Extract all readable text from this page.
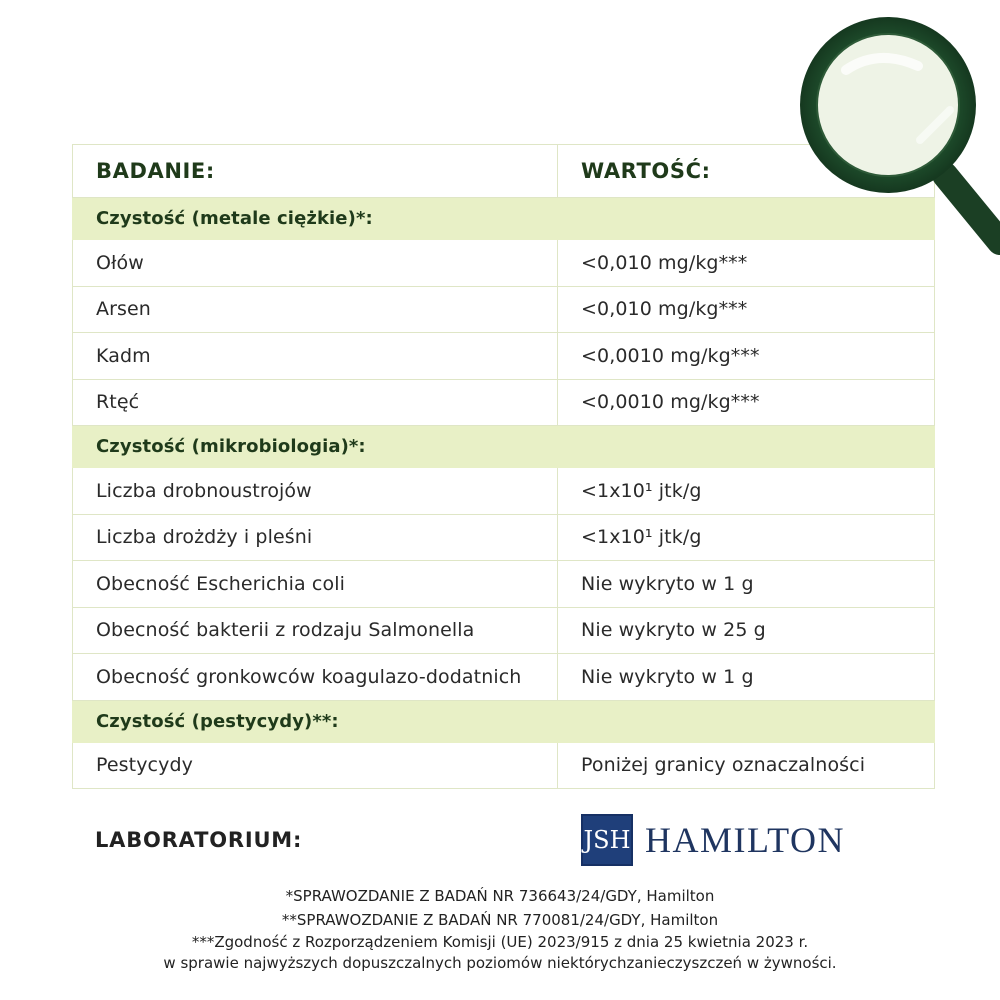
BADANIE:	WARTOŚĆ:
Czystość (metale ciężkie)*:	
Ołów	<0,010 mg/kg***
Arsen	<0,010 mg/kg***
Kadm	<0,0010 mg/kg***
Rtęć	<0,0010 mg/kg***
Czystość (mikrobiologia)*:	
Liczba drobnoustrojów	<1x10¹ jtk/g
Liczba drożdży i pleśni	<1x10¹ jtk/g
Obecność Escherichia coli	Nie wykryto w 1 g
Obecność bakterii z rodzaju Salmonella	Nie wykryto w 25 g
Obecność gronkowców koagulazo-dodatnich	Nie wykryto w 1 g
Czystość (pestycydy)**:	
Pestycydy	Poniżej granicy oznaczalności
LABORATORIUM:	JSH HAMILTON
*SPRAWOZDANIE Z BADAŃ NR 736643/24/GDY, Hamilton
**SPRAWOZDANIE Z BADAŃ NR 770081/24/GDY, Hamilton
***Zgodność z Rozporządzeniem Komisji (UE) 2023/915 z dnia 25 kwietnia 2023 r.
w sprawie najwyższych dopuszczalnych poziomów niektórychzanieczyszczeń w żywności.
